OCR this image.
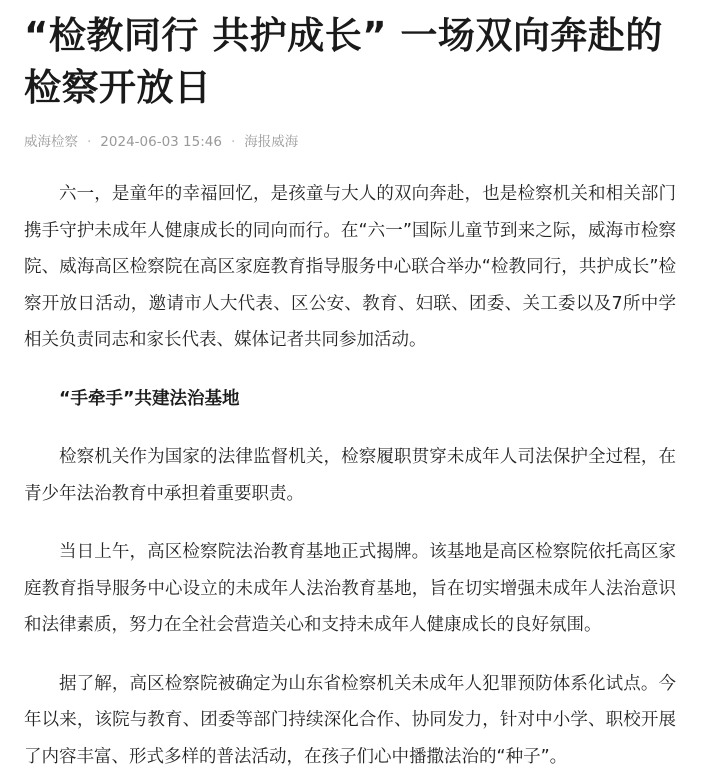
“检教同行 共护成长” 一场双向奔赴的检察开放日
威海检察 · 2024-06-03 15:46 · 海报威海

六一，是童年的幸福回忆，是孩童与大人的双向奔赴，也是检察机关和相关部门携手守护未成年人健康成长的同向而行。在“六一”国际儿童节到来之际，威海市检察院、威海高区检察院在高区家庭教育指导服务中心联合举办“检教同行，共护成长”检察开放日活动，邀请市人大代表、区公安、教育、妇联、团委、关工委以及7所中学相关负责同志和家长代表、媒体记者共同参加活动。

“手牵手”共建法治基地

检察机关作为国家的法律监督机关，检察履职贯穿未成年人司法保护全过程，在青少年法治教育中承担着重要职责。

当日上午，高区检察院法治教育基地正式揭牌。该基地是高区检察院依托高区家庭教育指导服务中心设立的未成年人法治教育基地，旨在切实增强未成年人法治意识和法律素质，努力在全社会营造关心和支持未成年人健康成长的良好氛围。

据了解，高区检察院被确定为山东省检察机关未成年人犯罪预防体系化试点。今年以来，该院与教育、团委等部门持续深化合作、协同发力，针对中小学、职校开展了内容丰富、形式多样的普法活动，在孩子们心中播撒法治的“种子”。
